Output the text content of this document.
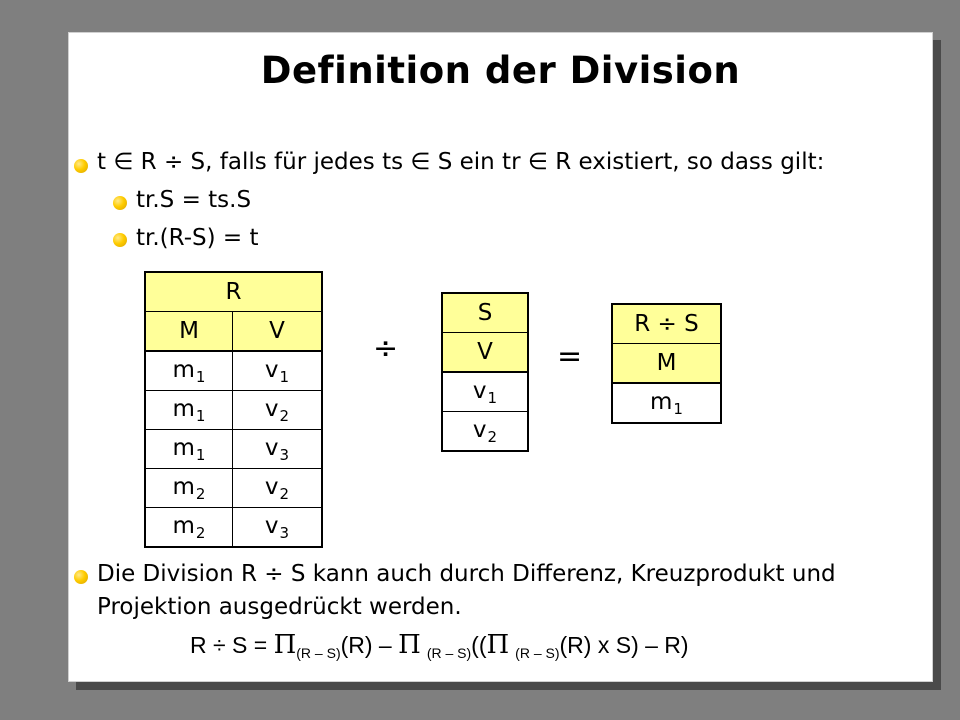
Definition der Division
t ∈ R ÷ S, falls für jedes ts ∈ S ein tr ∈ R existiert, so dass gilt:
tr.S = ts.S
tr.(R-S) = t
R	
M	V
$m_1$	$v_1$
$m_1$	$v_2$
$m_1$	$v_3$
$m_2$	$v_2$
$m_2$	$v_3$
÷
S
V
$v_1$
$v_2$
=
R ÷ S
M
$m_1$
Die Division R ÷ S kann auch durch Differenz, Kreuzprodukt und
Projektion ausgedrückt werden.
$R \div S = \Pi_{(R - S)}(R) - \Pi$ $_{(R - S)}$((Π $_{(R - S)}$(R) x S) – R)
